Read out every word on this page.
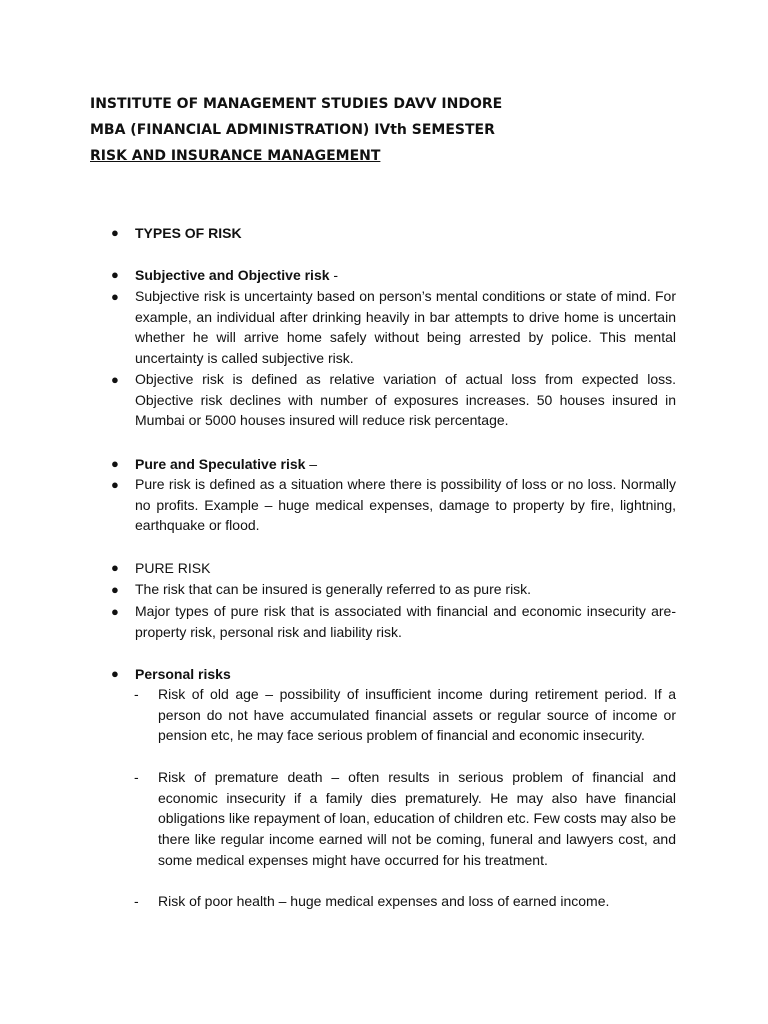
INSTITUTE OF MANAGEMENT STUDIES DAVV INDORE
MBA (FINANCIAL ADMINISTRATION) IVth SEMESTER
RISK AND INSURANCE MANAGEMENT
● TYPES OF RISK
● Subjective and Objective risk -
● Subjective risk is uncertainty based on person’s mental conditions or state of mind. For example, an individual after drinking heavily in bar attempts to drive home is uncertain whether he will arrive home safely without being arrested by police. This mental uncertainty is called subjective risk.
● Objective risk is defined as relative variation of actual loss from expected loss. Objective risk declines with number of exposures increases. 50 houses insured in Mumbai or 5000 houses insured will reduce risk percentage.
● Pure and Speculative risk –
● Pure risk is defined as a situation where there is possibility of loss or no loss. Normally no profits. Example – huge medical expenses, damage to property by fire, lightning, earthquake or flood.
● PURE RISK
● The risk that can be insured is generally referred to as pure risk.
● Major types of pure risk that is associated with financial and economic insecurity are- property risk, personal risk and liability risk.
● Personal risks
- Risk of old age – possibility of insufficient income during retirement period. If a person do not have accumulated financial assets or regular source of income or pension etc, he may face serious problem of financial and economic insecurity.
- Risk of premature death – often results in serious problem of financial and economic insecurity if a family dies prematurely. He may also have financial obligations like repayment of loan, education of children etc. Few costs may also be there like regular income earned will not be coming, funeral and lawyers cost, and some medical expenses might have occurred for his treatment.
- Risk of poor health – huge medical expenses and loss of earned income.
